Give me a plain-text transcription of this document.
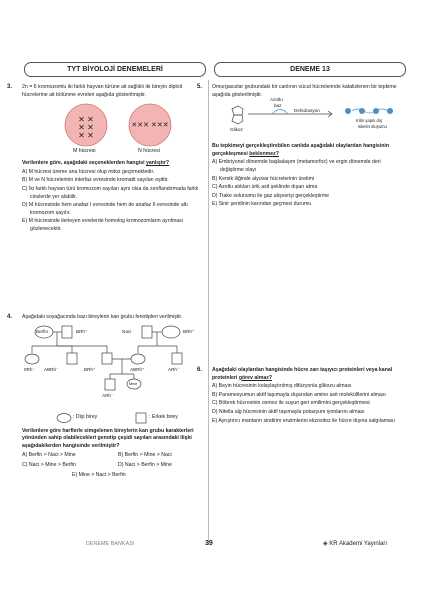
TYT BİYOLOJİ DENEMELERİ	DENEME 13
3. 2n = 6 kromozomlu iki farklı hayvan türüne ait sağlıklı iki bireyin diploit hücrelerine ait bölünme evreleri aşağıda gösterilmiştir.
✕ ✕
✕ ✕
✕ ✕
✕✕✕ ✕✕✕
M hücresi	N hücresi
Verilenlere göre, aşağıdaki seçeneklerden hangisi yanlıştır?
A) M hücresi üreme ana hücresi olup mitoz geçirmektedir.
B) M ve N hücrelerinin interfaz evresinde kromatit sayıları eşittir.
C) İki farklı hayvan türü kromozom sayıları aynı olsa da sınıflandırmada farklı cinslerde yer alabilir.
D) M hücresinde hem anafaz I evresinde hem de anafaz II evresinde altı kromozom sayılır.
E) M hücresinde ilerleyen evrelerde homolog kromozomların ayrılması gözlenecektir.
4. Aşağıdaki soyağacında bazı bireylerin kan grubu fenotipleri verilmiştir.
Berfin	BRh⁺	Naci	BRh⁺
0Rh⁻ ABRh⁻	BRh⁺	ABRh⁺	ARh⁻
Mine
ARh⁻
: Dişi birey	: Erkek birey
Verilenlere göre harflerle simgelenen bireylerin kan grubu karakterleri yönünden sahip olabilecekleri genotip çeşidi sayıları arasındaki ilişki aşağıdakilerden hangisinde verilmiştir?
A) Berfin > Naci > Mine	B) Berfin > Mine > Naci
C) Naci > Mine > Berfin	D) Naci > Berfin > Mine
E) Mine > Naci > Berfin
5. Omurgasızlar grubundaki bir canlının vücut hücrelerinde katalizlenen bir tepkime aşağıda gösterilmiştir.
Azotlu
baz
Dehidrasyon
Glikoz
Kitin yapılı dış
iskelet oluşumu
Bu tepkimeyi gerçekleştirebilen canlıda aşağıdaki olaylardan hangisinin gerçekleşmesi beklenmez?
A) Embriyonel dönemde başkalaşım (metamorfoz) ve ergin dönemde deri değiştirme olayı
B) Kemik iliğinde alyuvar hücrelerinin üretimi
C) Azotlu atıkları ürik asit şeklinde dışarı atma
D) Trake solunumu ile gaz alışverişi gerçekleştirme
E) Sinir şeridinin karından geçmesi durumu
6. Aşağıdaki olaylardan hangisinde hücre zarı taşıyıcı proteinleri veya kanal proteinleri görev almaz?
A) Beyin hücresinin kolaylaştırılmış difüzyonla glikozu alması
B) Paramesyumun aktif taşımayla dışarıdan amino asit molekülllerini alması
C) Böbrek hücresinin osmoz ile suyun geri emilimini gerçekleştirmesi
D) Nitella alg hücresinin aktif taşımayla potasyum iyonlarını alması
E) Ayrıştırıcı mantarın sindirim enzimlerini ekzositoz ile hücre dışına salgılaması
DENEME BANKASI	39	◈ KR Akademi Yayınları
